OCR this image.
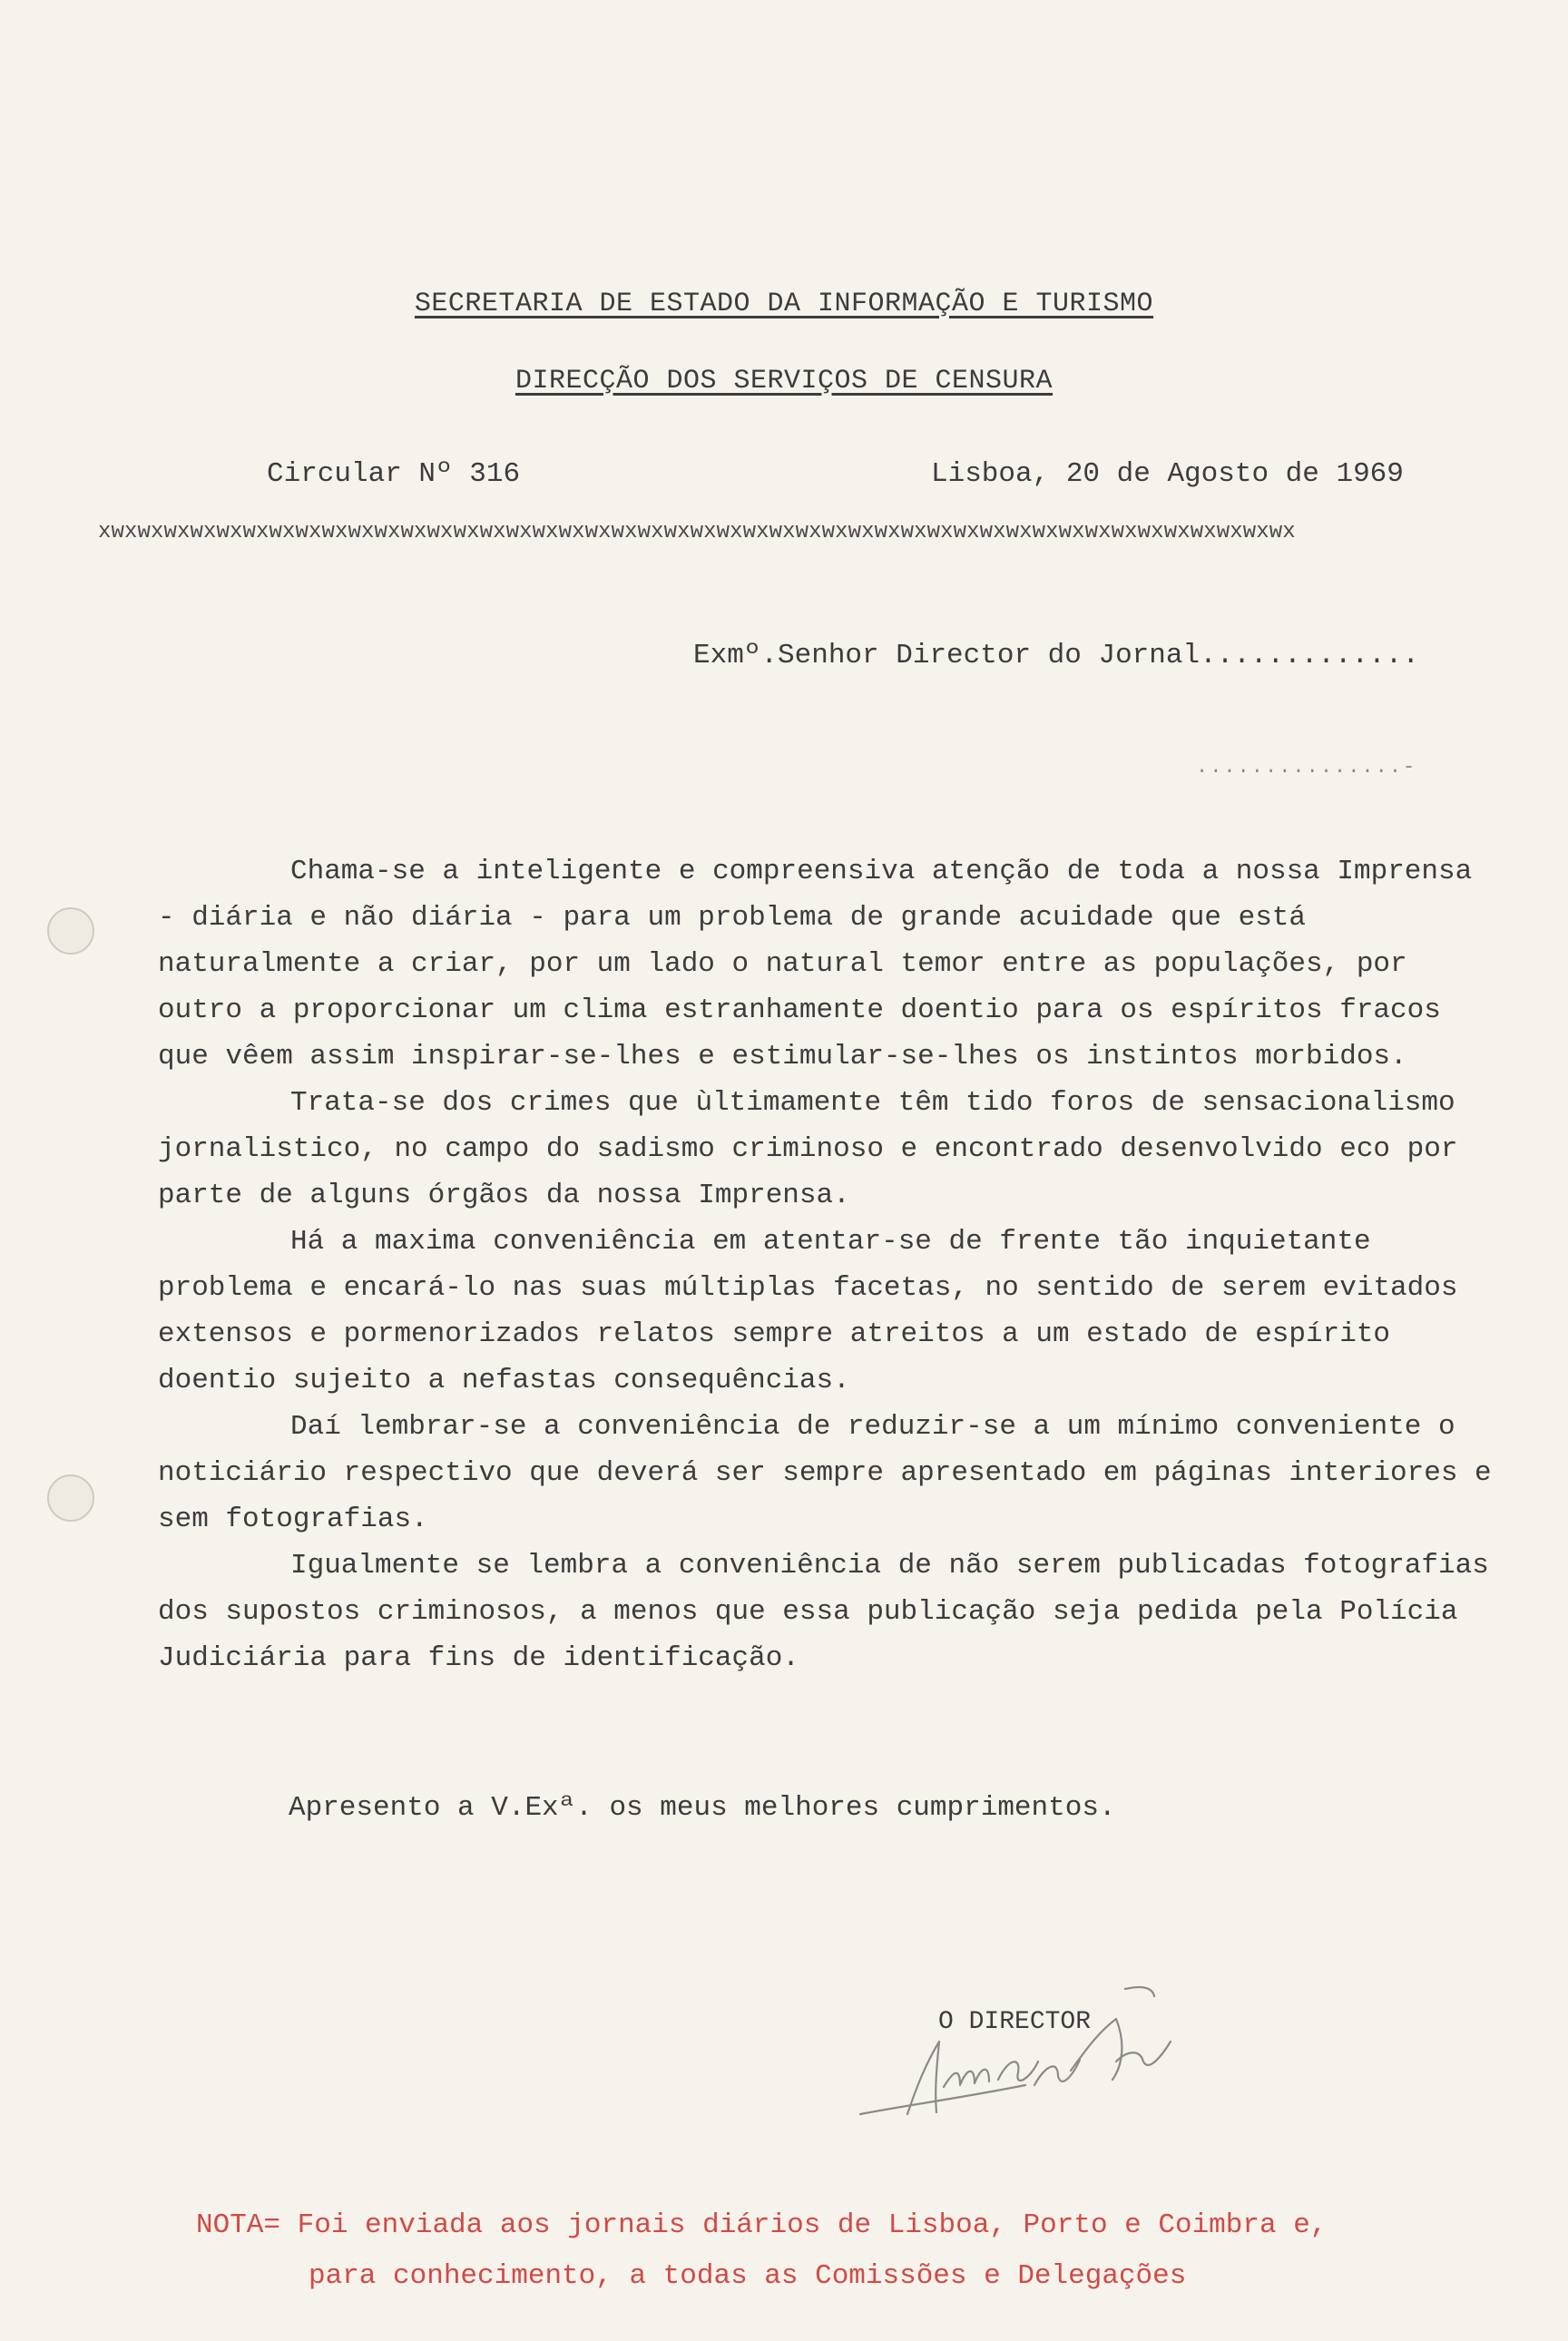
SECRETARIA DE ESTADO DA INFORMAÇÃO E TURISMO
DIRECÇÃO DOS SERVIÇOS DE CENSURA
Circular Nº 316	Lisboa, 20 de Agosto de 1969
xwxwxwxwxwxwxwxwxwxwxwxwxwxwxwxwxwxwxwxwxwxwxwxwxwxwxwxwxwxwxwxwxwxwxwxwxwxwxwxwxwxwxwxwxwx
Exmº.Senhor Director do Jornal.............
...............-

Chama-se a inteligente e compreensiva atenção de toda a nossa Imprensa - diária e não diária - para um problema de grande acuidade que está naturalmente a criar, por um lado o natural temor entre as populações, por outro a proporcionar um clima estranhamente doentio para os espíritos fracos que vêem assim inspirar-se-lhes e estimular-se-lhes os instintos morbidos.

Trata-se dos crimes que ùltimamente têm tido foros de sensacionalismo jornalistico, no campo do sadismo criminoso e encontrado desenvolvido eco por parte de alguns órgãos da nossa Imprensa.

Há a maxima conveniência em atentar-se de frente tão inquietante problema e encará-lo nas suas múltiplas facetas, no sentido de serem evitados extensos e pormenorizados relatos sempre atreitos a um estado de espírito doentio sujeito a nefastas consequências.

Daí lembrar-se a conveniência de reduzir-se a um mínimo conveniente o noticiário respectivo que deverá ser sempre apresentado em páginas interiores e sem fotografias.

Igualmente se lembra a conveniência de não serem publicadas fotografias dos supostos criminosos, a menos que essa publicação seja pedida pela Polícia Judiciária para fins de identificação.

Apresento a V.Exª. os meus melhores cumprimentos.
O DIRECTOR
NOTA= Foi enviada aos jornais diários de Lisboa, Porto e Coimbra e,
para conhecimento, a todas as Comissões e Delegações
